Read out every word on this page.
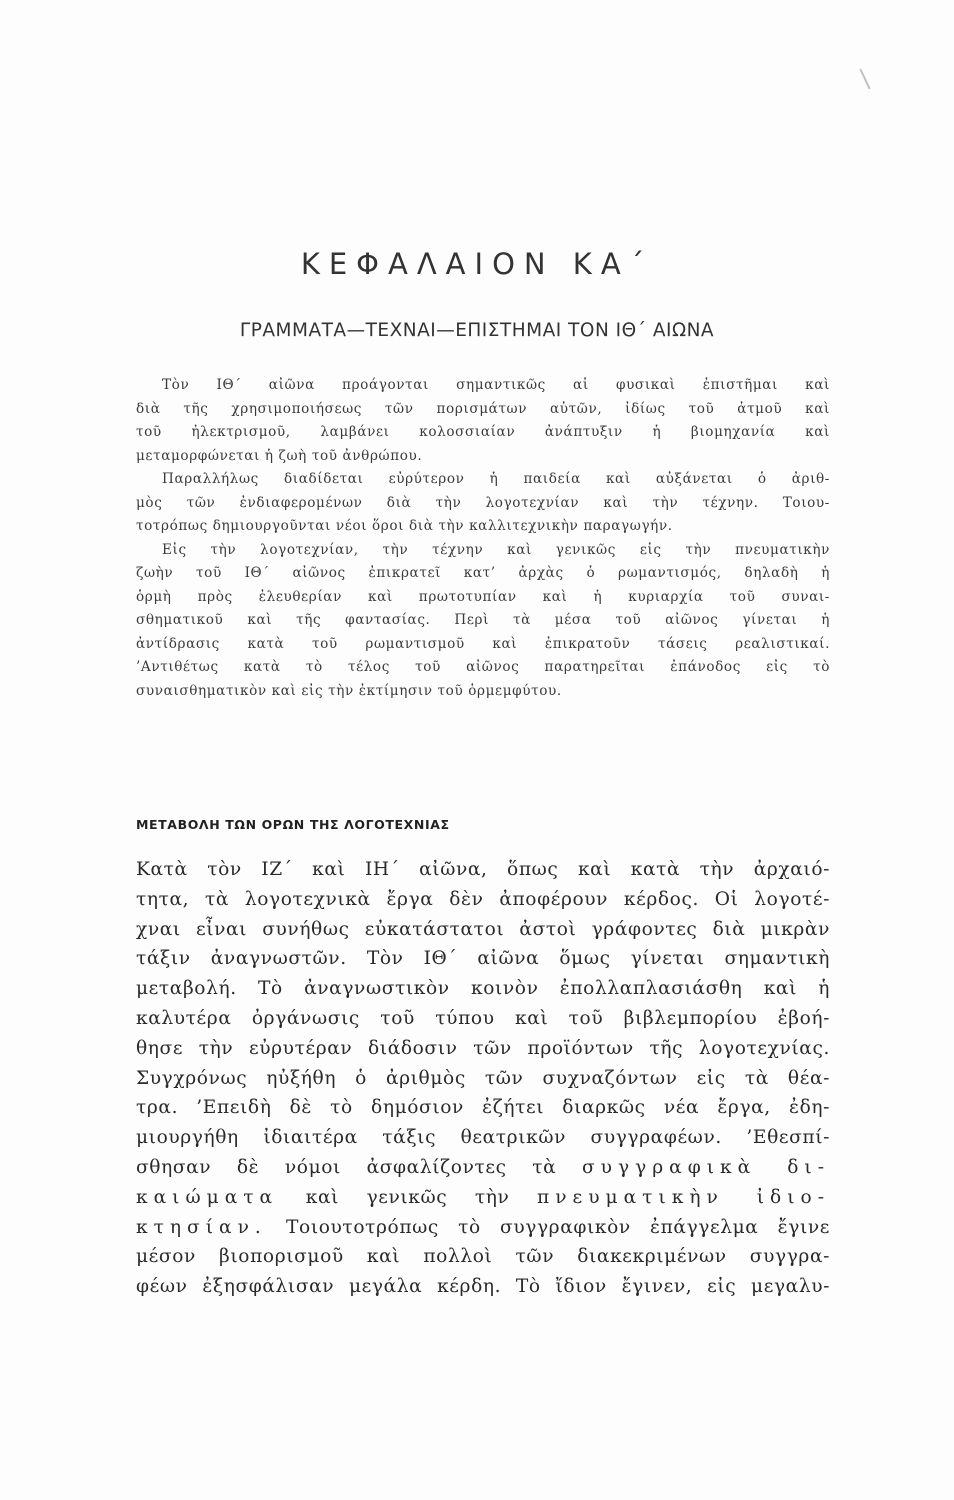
ΚΕΦΑΛΑΙΟΝ ΚΑ΄
ΓΡΑΜΜΑΤΑ—ΤΕΧΝΑΙ—ΕΠΙΣΤΗΜΑΙ ΤΟΝ ΙΘ΄ ΑΙΩΝΑ
Τὸν ΙΘ΄ αἰῶνα προάγονται σημαντικῶς αἱ φυσικαὶ ἐπιστῆμαι καὶ
διὰ τῆς χρησιμοποιήσεως τῶν πορισμάτων αὐτῶν, ἰδίως τοῦ ἀτμοῦ καὶ
τοῦ ἠλεκτρισμοῦ, λαμβάνει κολοσσιαίαν ἀνάπτυξιν ἡ βιομηχανία καὶ
μεταμορφώνεται ἡ ζωὴ τοῦ ἀνθρώπου.
Παραλλήλως διαδίδεται εὐρύτερον ἡ παιδεία καὶ αὐξάνεται ὁ ἀριθ-
μὸς τῶν ἐνδιαφερομένων διὰ τὴν λογοτεχνίαν καὶ τὴν τέχνην. Τοιου-
τοτρόπως δημιουργοῦνται νέοι ὅροι διὰ τὴν καλλιτεχνικὴν παραγωγήν.
Εἰς τὴν λογοτεχνίαν, τὴν τέχνην καὶ γενικῶς εἰς τὴν πνευματικὴν
ζωὴν τοῦ ΙΘ΄ αἰῶνος ἐπικρατεῖ κατ’ ἀρχὰς ὁ ρωμαντισμός, δηλαδὴ ἡ
ὁρμὴ πρὸς ἐλευθερίαν καὶ πρωτοτυπίαν καὶ ἡ κυριαρχία τοῦ συναι-
σθηματικοῦ καὶ τῆς φαντασίας. Περὶ τὰ μέσα τοῦ αἰῶνος γίνεται ἡ
ἀντίδρασις κατὰ τοῦ ρωμαντισμοῦ καὶ ἐπικρατοῦν τάσεις ρεαλιστικαί.
’Αντιθέτως κατὰ τὸ τέλος τοῦ αἰῶνος παρατηρεῖται ἐπάνοδος εἰς τὸ
συναισθηματικὸν καὶ εἰς τὴν ἐκτίμησιν τοῦ ὁρμεμφύτου.
ΜΕΤΑΒΟΛΗ ΤΩΝ ΟΡΩΝ ΤΗΣ ΛΟΓΟΤΕΧΝΙΑΣ
Κατὰ τὸν ΙΖ΄ καὶ ΙΗ΄ αἰῶνα, ὅπως καὶ κατὰ τὴν ἀρχαιό-
τητα, τὰ λογοτεχνικὰ ἔργα δὲν ἀποφέρουν κέρδος. Οἱ λογοτέ-
χναι εἶναι συνήθως εὐκατάστατοι ἀστοὶ γράφοντες διὰ μικρὰν
τάξιν ἀναγνωστῶν. Τὸν ΙΘ΄ αἰῶνα ὅμως γίνεται σημαντικὴ
μεταβολή. Τὸ ἀναγνωστικὸν κοινὸν ἐπολλαπλασιάσθη καὶ ἡ
καλυτέρα ὀργάνωσις τοῦ τύπου καὶ τοῦ βιβλεμπορίου ἐβοή-
θησε τὴν εὐρυτέραν διάδοσιν τῶν προϊόντων τῆς λογοτεχνίας.
Συγχρόνως ηὐξήθη ὁ ἀριθμὸς τῶν συχναζόντων εἰς τὰ θέα-
τρα. ’Επειδὴ δὲ τὸ δημόσιον ἐζήτει διαρκῶς νέα ἔργα, ἐδη-
μιουργήθη ἰδιαιτέρα τάξις θεατρικῶν συγγραφέων. ’Εθεσπί-
σθησαν δὲ νόμοι ἀσφαλίζοντες τὰ συγγραφικὰ δι-
καιώματα καὶ γενικῶς τὴν πνευματικὴν ἰδιο-
κτησίαν. Τοιουτοτρόπως τὸ συγγραφικὸν ἐπάγγελμα ἔγινε
μέσον βιοπορισμοῦ καὶ πολλοὶ τῶν διακεκριμένων συγγρα-
φέων ἐξησφάλισαν μεγάλα κέρδη. Τὸ ἴδιον ἔγινεν, εἰς μεγαλυ-
